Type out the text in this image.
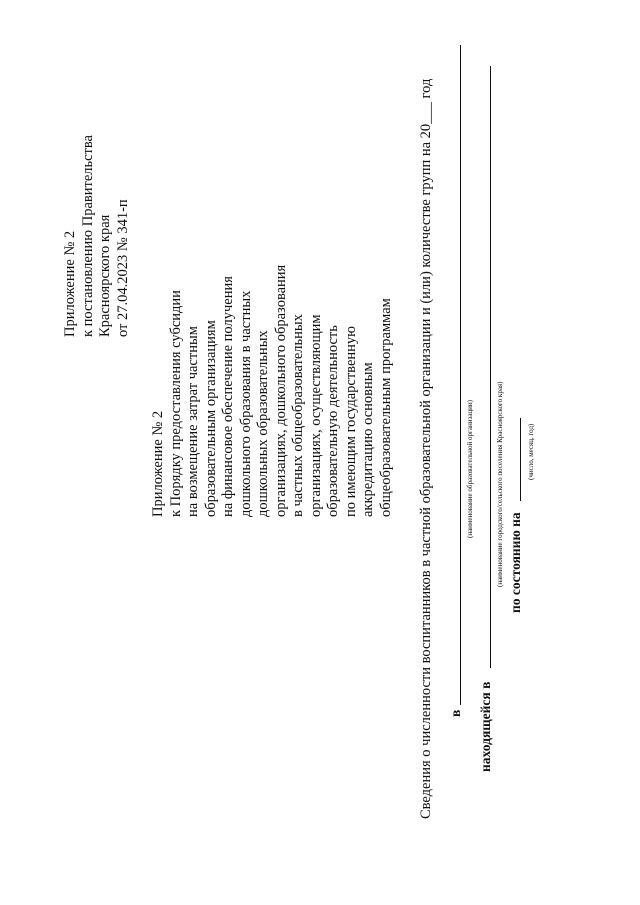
Приложение № 2 к постановлению Правительства Красноярского края от 27.04.2023 № 341-п
Приложение № 2 к Порядку предоставления субсидии на возмещение затрат частным образовательным организациям на финансовое обеспечение получения дошкольного образования в частных дошкольных образовательных организациях, дошкольного образования в частных общеобразовательных организациях, осуществляющим образовательную деятельность по имеющим государственную аккредитацию основным общеобразовательным программам Сведения о численности воспитанников в частной образовательной организации и (или) количестве групп на 20___ год в
(наименование образовательной организации)
находящейся в
(наименование городского/сельского поселения Красноярского края) по состоянию на
(число, месяц, год)
